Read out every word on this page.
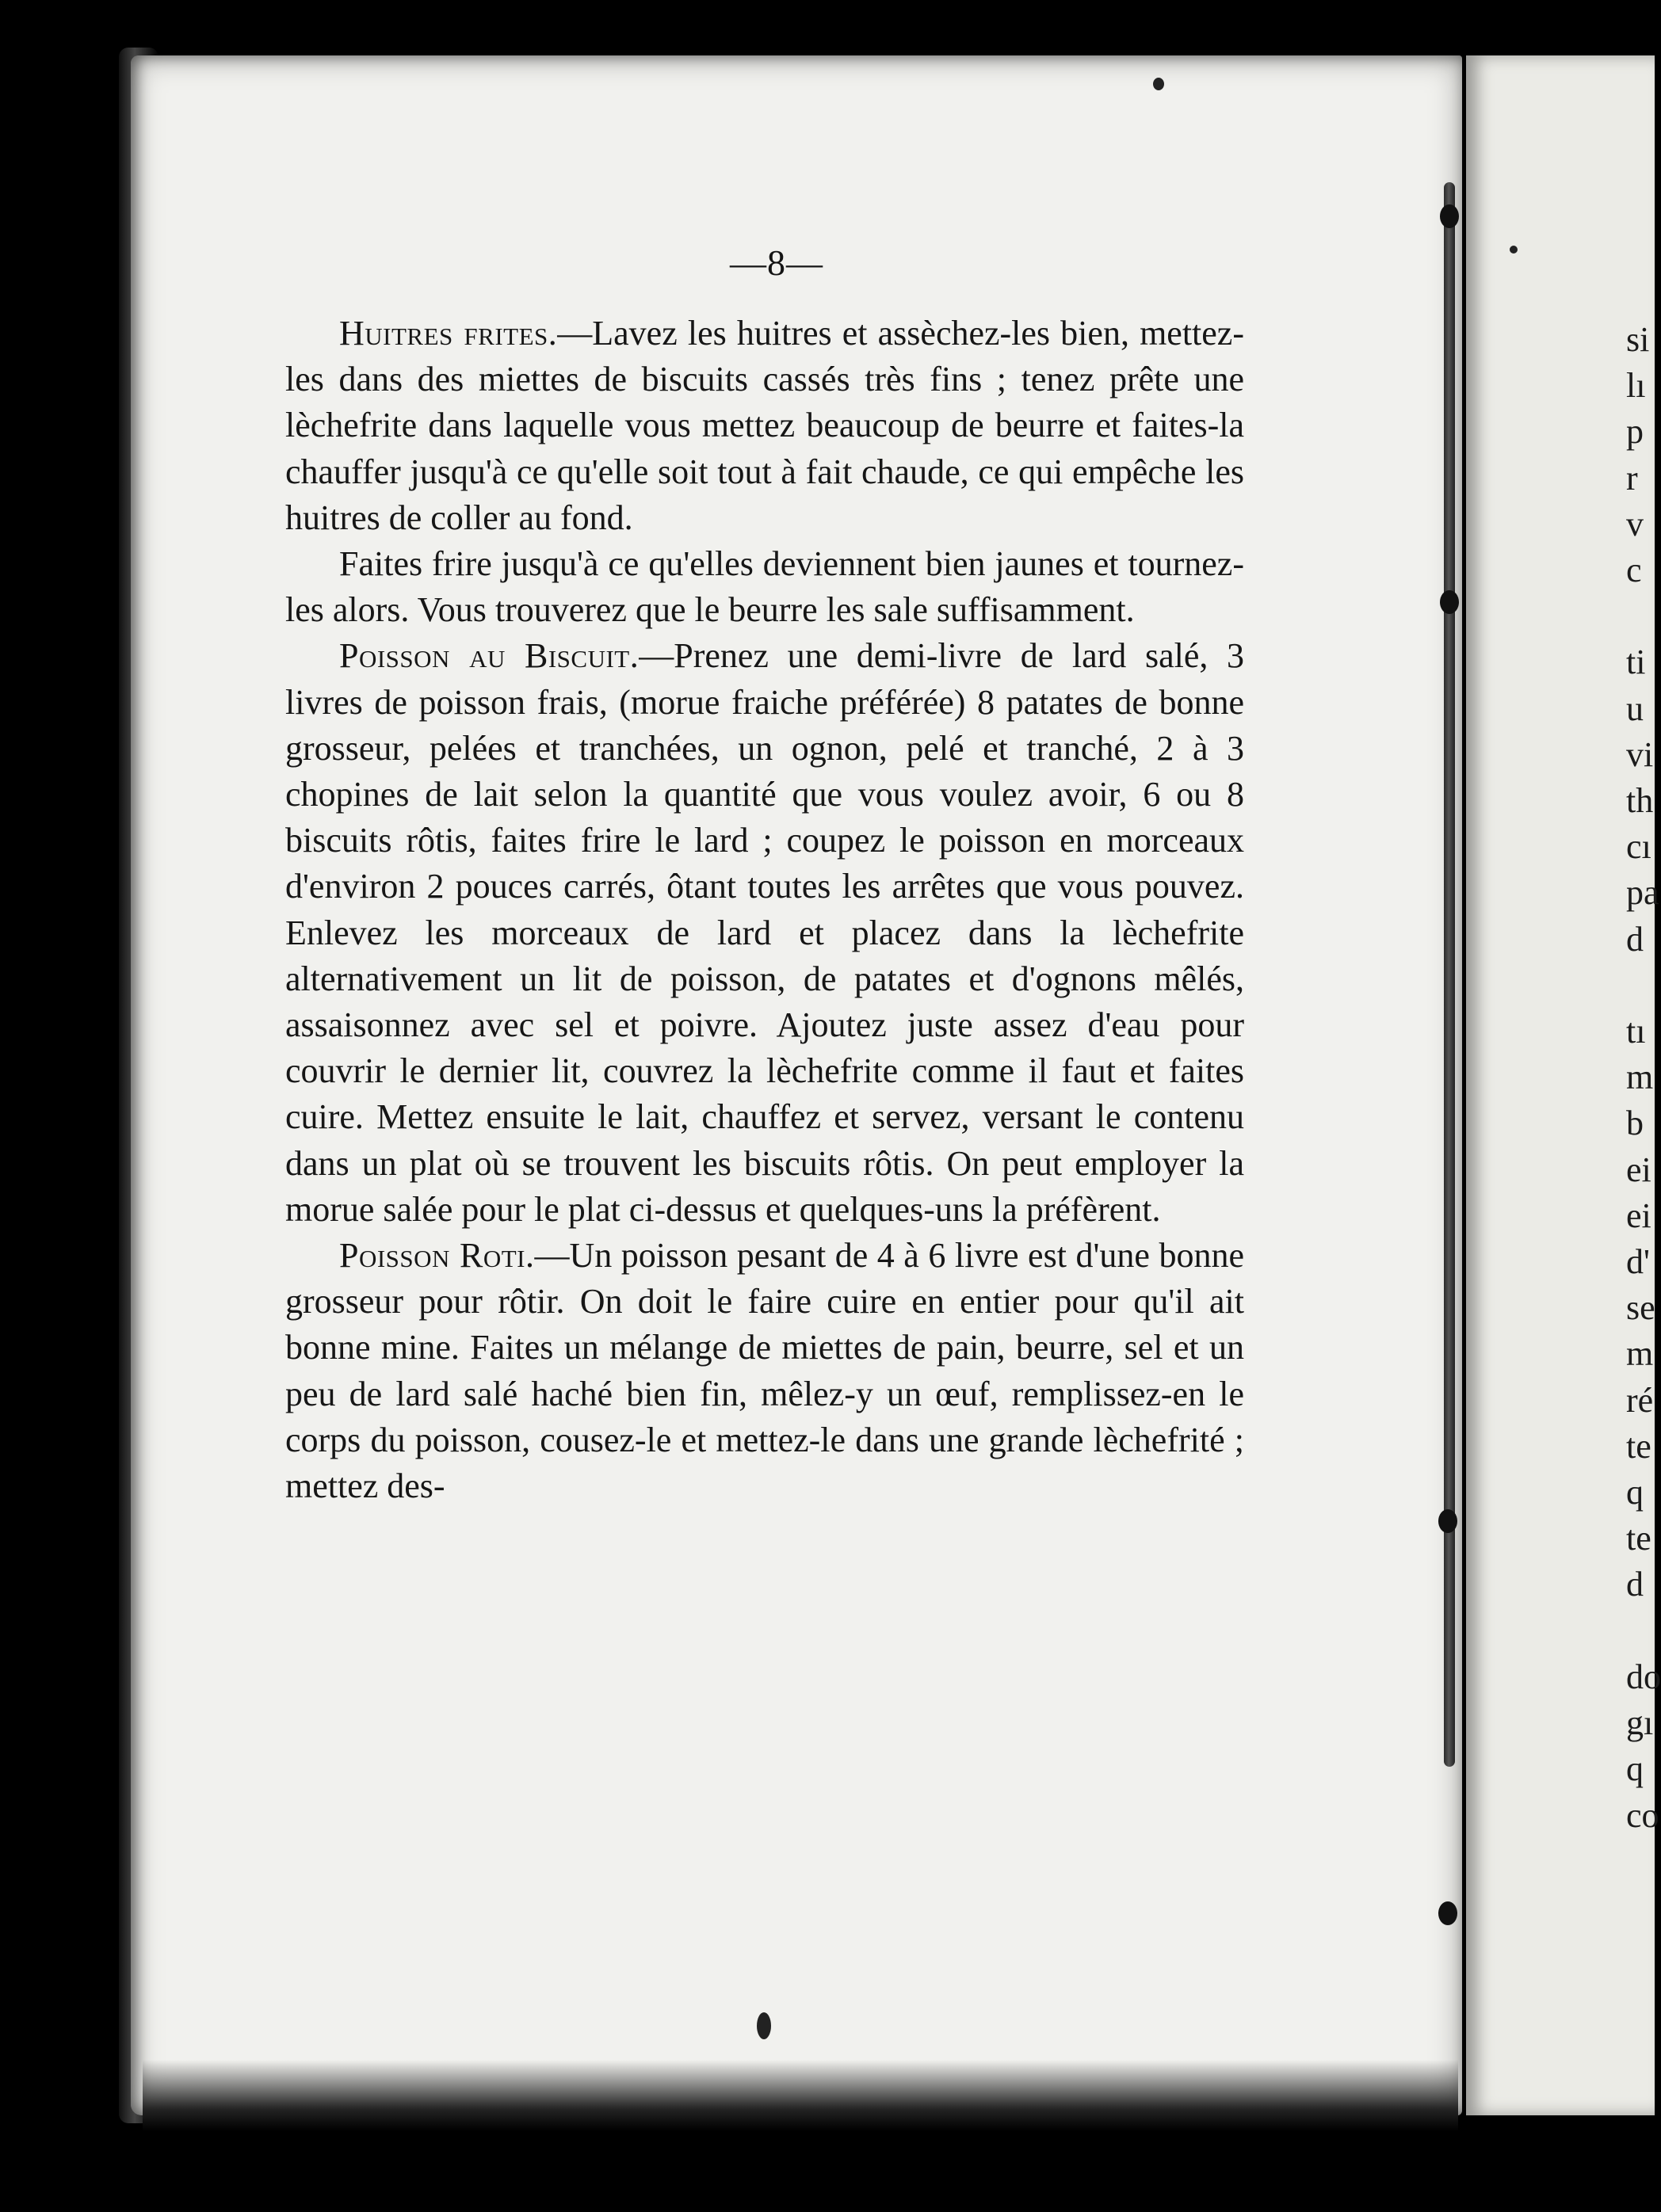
si
lı
p
r
v
c

ti
u
vi
th
cı
pa
d

tı
m
b
ei
ei
d'
se
m
ré
te
q
te
d

do
gı
q
co
—8—

Huitres frites.—Lavez les huitres et assèchez-les bien, mettez-les dans des miettes de biscuits cassés très fins ; tenez prête une lèchefrite dans laquelle vous mettez beaucoup de beurre et faites-la chauffer jusqu'à ce qu'elle soit tout à fait chaude, ce qui empêche les huitres de coller au fond.

Faites frire jusqu'à ce qu'elles deviennent bien jaunes et tournez-les alors. Vous trouverez que le beurre les sale suffisamment.

Poisson au Biscuit.—Prenez une demi-livre de lard salé, 3 livres de poisson frais, (morue fraiche préférée) 8 patates de bonne grosseur, pelées et tranchées, un ognon, pelé et tranché, 2 à 3 chopines de lait selon la quantité que vous voulez avoir, 6 ou 8 biscuits rôtis, faites frire le lard ; coupez le poisson en morceaux d'environ 2 pouces carrés, ôtant toutes les arrêtes que vous pouvez. Enlevez les morceaux de lard et placez dans la lèchefrite alternativement un lit de poisson, de patates et d'ognons mêlés, assaisonnez avec sel et poivre. Ajoutez juste assez d'eau pour couvrir le dernier lit, couvrez la lèchefrite comme il faut et faites cuire. Mettez ensuite le lait, chauffez et servez, versant le contenu dans un plat où se trouvent les biscuits rôtis. On peut employer la morue salée pour le plat ci-dessus et quelques-uns la préfèrent.

Poisson Roti.—Un poisson pesant de 4 à 6 livre est d'une bonne grosseur pour rôtir. On doit le faire cuire en entier pour qu'il ait bonne mine. Faites un mélange de miettes de pain, beurre, sel et un peu de lard salé haché bien fin, mêlez-y un œuf, remplissez-en le corps du poisson, cousez-le et mettez-le dans une grande lèchefrité ; mettez des-
